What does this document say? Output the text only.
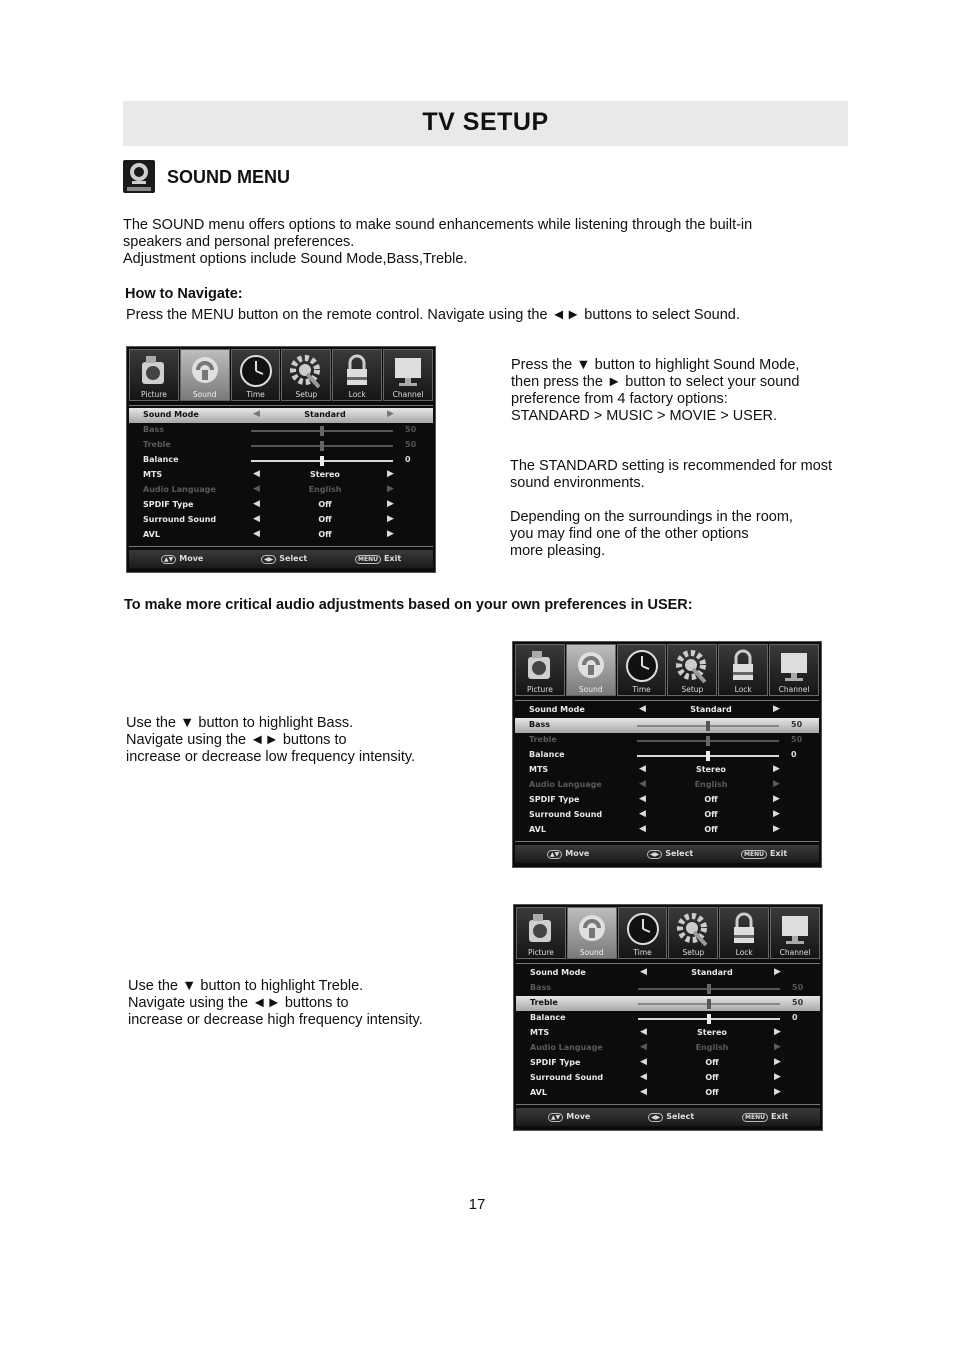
TV SETUP
SOUND MENU
The SOUND menu offers options to make sound enhancements while listening through the built-in
speakers and personal preferences.
Adjustment options include Sound Mode,Bass,Treble.
How to Navigate:
Press the MENU button on the remote control. Navigate using the ◄► buttons to select Sound.
Picture	Sound	Time	Setup	Lock	Channel
Sound Mode	◀	Standard	▶
Bass	50
Treble	50
Balance	0
MTS	◀	Stereo	▶
Audio Language	◀	English	▶
SPDIF Type	◀	Off	▶
Surround Sound	◀	Off	▶
AVL	◀	Off	▶
▲▼ Move	◀▶ Select	MENU Exit
Press the ▼ button to highlight Sound Mode,
then press the ► button to select your sound
preference from 4 factory options:
STANDARD > MUSIC > MOVIE > USER.
The STANDARD setting is recommended for most
sound environments.
Depending on the surroundings in the room,
you may find one of the other options
more pleasing.
To make more critical audio adjustments based on your own preferences in USER:
Use the ▼ button to highlight Bass.
Navigate using the ◄► buttons to
increase or decrease low frequency intensity.
Picture	Sound	Time	Setup	Lock	Channel
Sound Mode	◀	Standard	▶
Bass	50
Treble	50
Balance	0
MTS	◀	Stereo	▶
Audio Language	◀	English	▶
SPDIF Type	◀	Off	▶
Surround Sound	◀	Off	▶
AVL	◀	Off	▶
▲▼ Move	◀▶ Select	MENU Exit
Use the ▼ button to highlight Treble.
Navigate using the ◄► buttons to
increase or decrease high frequency intensity.
Picture	Sound	Time	Setup	Lock	Channel
Sound Mode	◀	Standard	▶
Bass	50
Treble	50
Balance	0
MTS	◀	Stereo	▶
Audio Language	◀	English	▶
SPDIF Type	◀	Off	▶
Surround Sound	◀	Off	▶
AVL	◀	Off	▶
▲▼ Move	◀▶ Select	MENU Exit
17
